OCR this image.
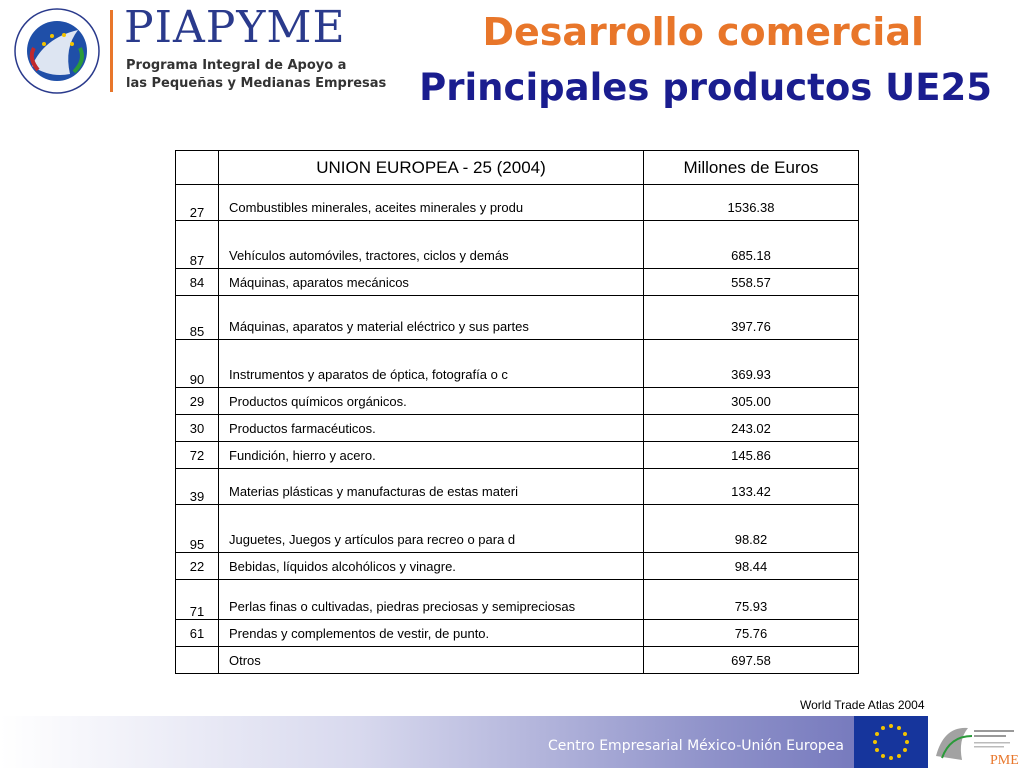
PIAPYME
Programa Integral de Apoyo a
las Pequeñas y Medianas Empresas
Desarrollo comercial
Principales productos UE25
	UNION EUROPEA - 25 (2004)	Millones de Euros
27	Combustibles minerales, aceites minerales y produ	1536.38
87	Vehículos automóviles, tractores, ciclos y demás	685.18
84	Máquinas, aparatos mecánicos	558.57
85	Máquinas, aparatos y material eléctrico y sus partes	397.76
90	Instrumentos y aparatos de óptica, fotografía o c	369.93
29	Productos químicos orgánicos.	305.00
30	Productos farmacéuticos.	243.02
72	Fundición, hierro y acero.	145.86
39	Materias plásticas y manufacturas de estas materi	133.42
95	Juguetes, Juegos y artículos para recreo o para d	98.82
22	Bebidas, líquidos alcohólicos y vinagre.	98.44
71	Perlas finas o cultivadas, piedras preciosas y semipreciosas	75.93
61	Prendas y complementos de vestir, de punto.	75.76
	Otros	697.58
World Trade Atlas 2004
Centro Empresarial México-Unión Europea
PME
